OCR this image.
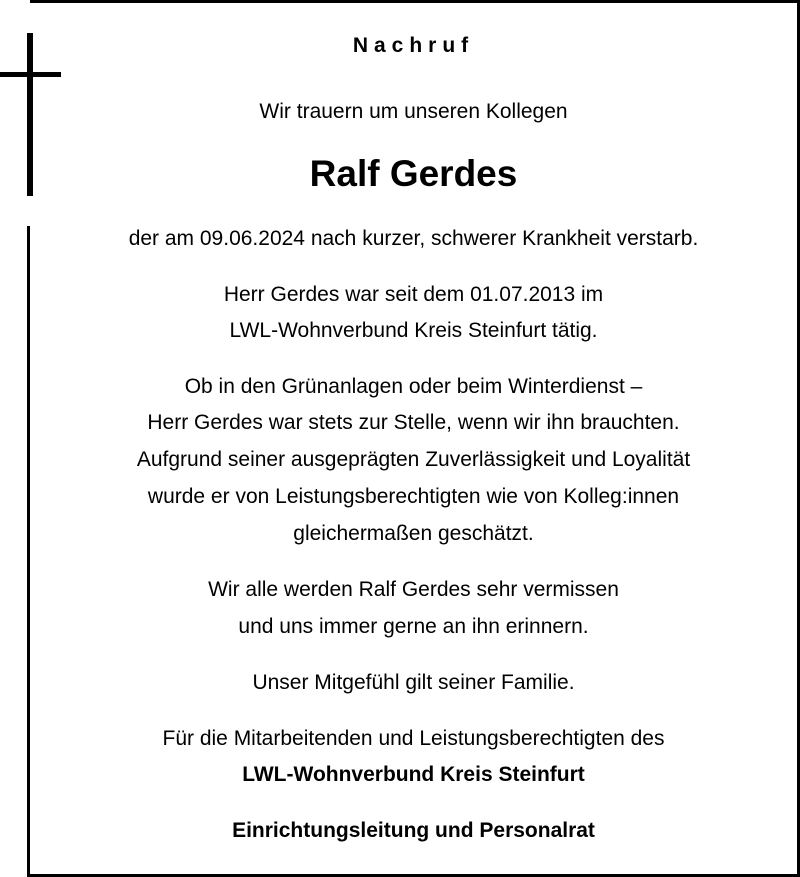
Nachruf
Wir trauern um unseren Kollegen
Ralf Gerdes
der am 09.06.2024 nach kurzer, schwerer Krankheit verstarb.
Herr Gerdes war seit dem 01.07.2013 im
LWL-Wohnverbund Kreis Steinfurt tätig.
Ob in den Grünanlagen oder beim Winterdienst –
Herr Gerdes war stets zur Stelle, wenn wir ihn brauchten.
Aufgrund seiner ausgeprägten Zuverlässigkeit und Loyalität
wurde er von Leistungsberechtigten wie von Kolleg:innen
gleichermaßen geschätzt.
Wir alle werden Ralf Gerdes sehr vermissen
und uns immer gerne an ihn erinnern.
Unser Mitgefühl gilt seiner Familie.
Für die Mitarbeitenden und Leistungsberechtigten des
LWL-Wohnverbund Kreis Steinfurt
Einrichtungsleitung und Personalrat
